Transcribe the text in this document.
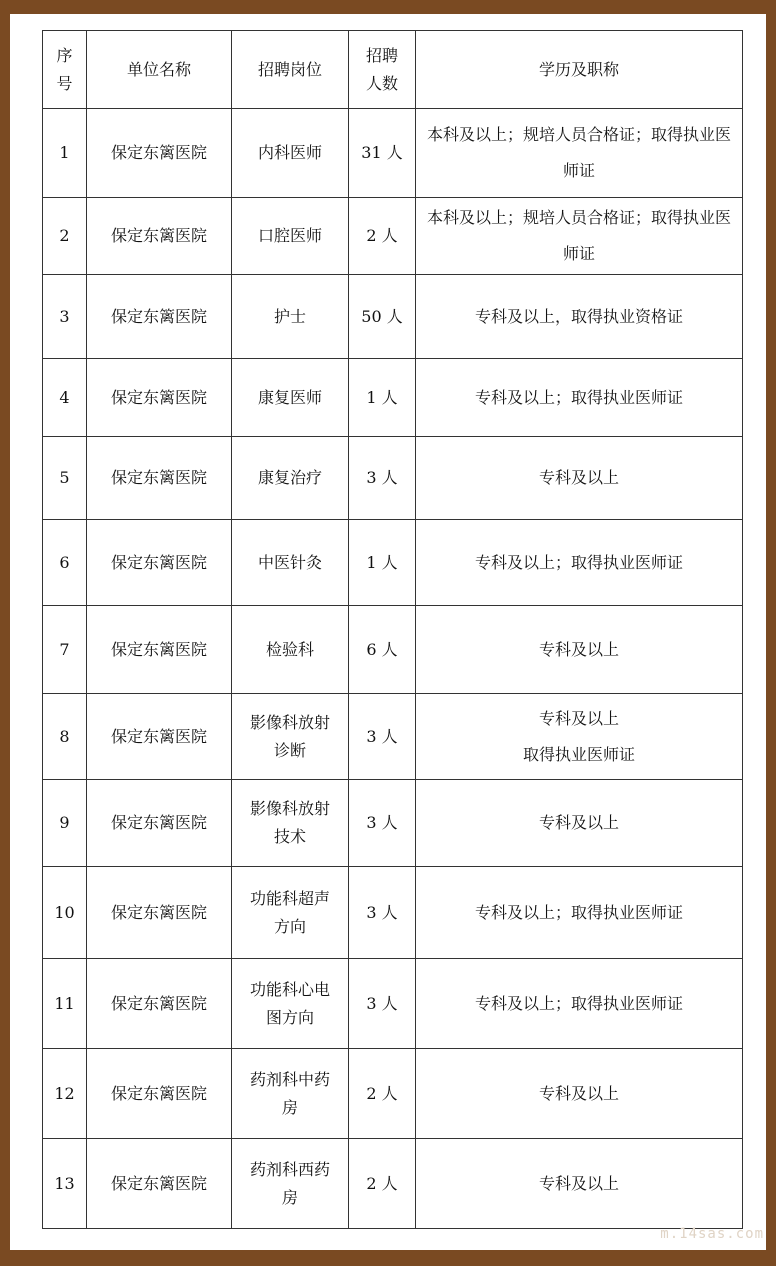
序号	单位名称	招聘岗位	招聘人数	学历及职称
1	保定东篱医院	内科医师	31 人	本科及以上；规培人员合格证；取得执业医师证
2	保定东篱医院	口腔医师	2 人	本科及以上；规培人员合格证；取得执业医师证
3	保定东篱医院	护士	50 人	专科及以上，取得执业资格证
4	保定东篱医院	康复医师	1 人	专科及以上；取得执业医师证
5	保定东篱医院	康复治疗	3 人	专科及以上
6	保定东篱医院	中医针灸	1 人	专科及以上；取得执业医师证
7	保定东篱医院	检验科	6 人	专科及以上
8	保定东篱医院	影像科放射诊断	3 人	专科及以上
取得执业医师证
9	保定东篱医院	影像科放射技术	3 人	专科及以上
10	保定东篱医院	功能科超声方向	3 人	专科及以上；取得执业医师证
11	保定东篱医院	功能科心电图方向	3 人	专科及以上；取得执业医师证
12	保定东篱医院	药剂科中药房	2 人	专科及以上
13	保定东篱医院	药剂科西药房	2 人	专科及以上
m.14sas.com
